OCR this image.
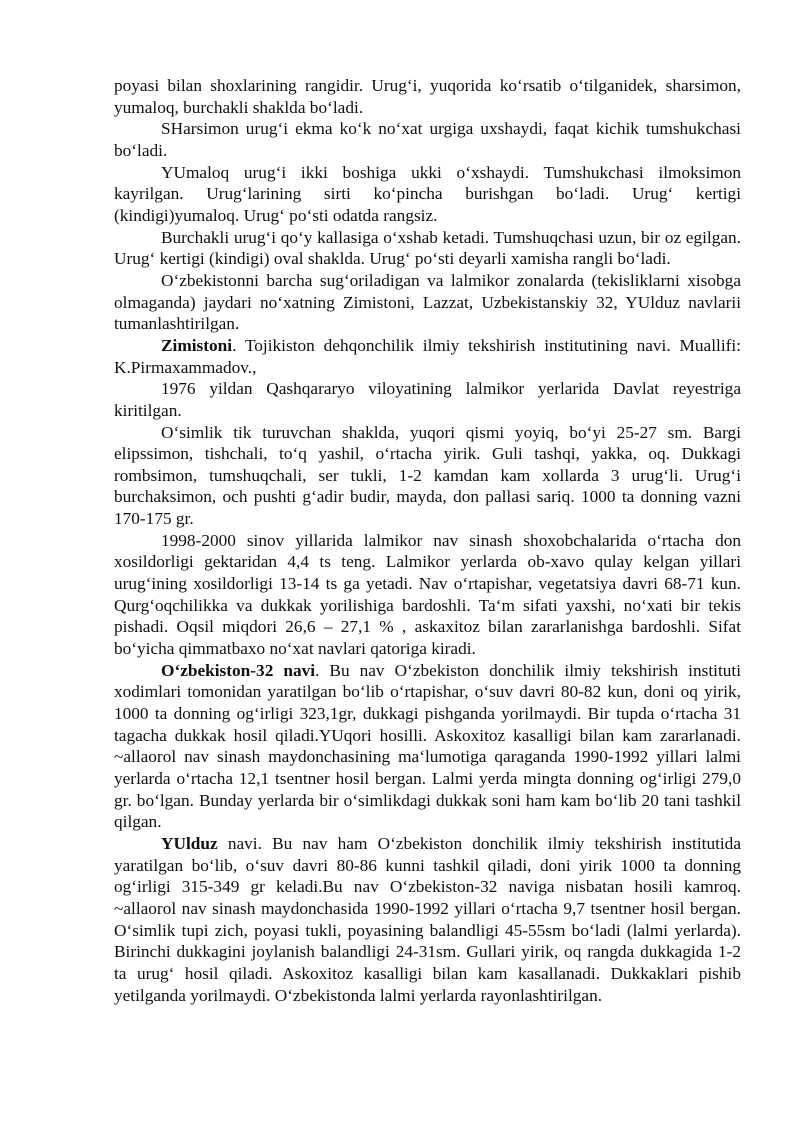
poyasi bilan shoxlarining rangidir. Urug‘i, yuqorida ko‘rsatib o‘tilganidek, sharsimon, yumaloq, burchakli shaklda bo‘ladi.

SHarsimon urug‘i ekma ko‘k no‘xat urgiga uxshaydi, faqat kichik tumshukchasi bo‘ladi.

YUmaloq urug‘i ikki boshiga ukki o‘xshaydi. Tumshukchasi ilmoksimon kayrilgan. Urug‘larining sirti ko‘pincha burishgan bo‘ladi. Urug‘ kertigi (kindigi)yumaloq. Urug‘ po‘sti odatda rangsiz.

Burchakli urug‘i qo‘y kallasiga o‘xshab ketadi. Tumshuqchasi uzun, bir oz egilgan. Urug‘ kertigi (kindigi) oval shaklda. Urug‘ po‘sti deyarli xamisha rangli bo‘ladi.

O‘zbekistonni barcha sug‘oriladigan va lalmikor zonalarda (tekisliklarni xisobga olmaganda) jaydari no‘xatning Zimistoni, Lazzat, Uzbekistanskiy 32, YUlduz navlarii tumanlashtirilgan.

Zimistoni. Tojikiston dehqonchilik ilmiy tekshirish institutining navi. Muallifi: K.Pirmaxammadov.,

1976 yildan Qashqararyo viloyatining lalmikor yerlarida Davlat reyestriga kiritilgan.

O‘simlik tik turuvchan shaklda, yuqori qismi yoyiq, bo‘yi 25-27 sm. Bargi elipssimon, tishchali, to‘q yashil, o‘rtacha yirik. Guli tashqi, yakka, oq. Dukkagi rombsimon, tumshuqchali, ser tukli, 1-2 kamdan kam xollarda 3 urug‘li. Urug‘i burchaksimon, och pushti g‘adir budir, mayda, don pallasi sariq. 1000 ta donning vazni 170-175 gr.

1998-2000 sinov yillarida lalmikor nav sinash shoxobchalarida o‘rtacha don xosildorligi gektaridan 4,4 ts teng. Lalmikor yerlarda ob-xavo qulay kelgan yillari urug‘ining xosildorligi 13-14 ts ga yetadi. Nav o‘rtapishar, vegetatsiya davri 68-71 kun. Qurg‘oqchilikka va dukkak yorilishiga bardoshli. Ta‘m sifati yaxshi, no‘xati bir tekis pishadi. Oqsil miqdori 26,6 – 27,1 % , askaxitoz bilan zararlanishga bardoshli. Sifat bo‘yicha qimmatbaxo no‘xat navlari qatoriga kiradi.

O‘zbekiston-32 navi. Bu nav O‘zbekiston donchilik ilmiy tekshirish instituti xodimlari tomonidan yaratilgan bo‘lib o‘rtapishar, o‘suv davri 80-82 kun, doni oq yirik, 1000 ta donning og‘irligi 323,1gr, dukkagi pishganda yorilmaydi. Bir tupda o‘rtacha 31 tagacha dukkak hosil qiladi.YUqori hosilli. Askoxitoz kasalligi bilan kam zararlanadi. ~allaorol nav sinash maydonchasining ma‘lumotiga qaraganda 1990-1992 yillari lalmi yerlarda o‘rtacha 12,1 tsentner hosil bergan. Lalmi yerda mingta donning og‘irligi 279,0 gr. bo‘lgan. Bunday yerlarda bir o‘simlikdagi dukkak soni ham kam bo‘lib 20 tani tashkil qilgan.

YUlduz navi. Bu nav ham O‘zbekiston donchilik ilmiy tekshirish institutida yaratilgan bo‘lib, o‘suv davri 80-86 kunni tashkil qiladi, doni yirik 1000 ta donning og‘irligi 315-349 gr keladi.Bu nav O‘zbekiston-32 naviga nisbatan hosili kamroq. ~allaorol nav sinash maydonchasida 1990-1992 yillari o‘rtacha 9,7 tsentner hosil bergan. O‘simlik tupi zich, poyasi tukli, poyasining balandligi 45-55sm bo‘ladi (lalmi yerlarda). Birinchi dukkagini joylanish balandligi 24-31sm. Gullari yirik, oq rangda dukkagida 1-2 ta urug‘ hosil qiladi. Askoxitoz kasalligi bilan kam kasallanadi. Dukkaklari pishib yetilganda yorilmaydi. O‘zbekistonda lalmi yerlarda rayonlashtirilgan.
